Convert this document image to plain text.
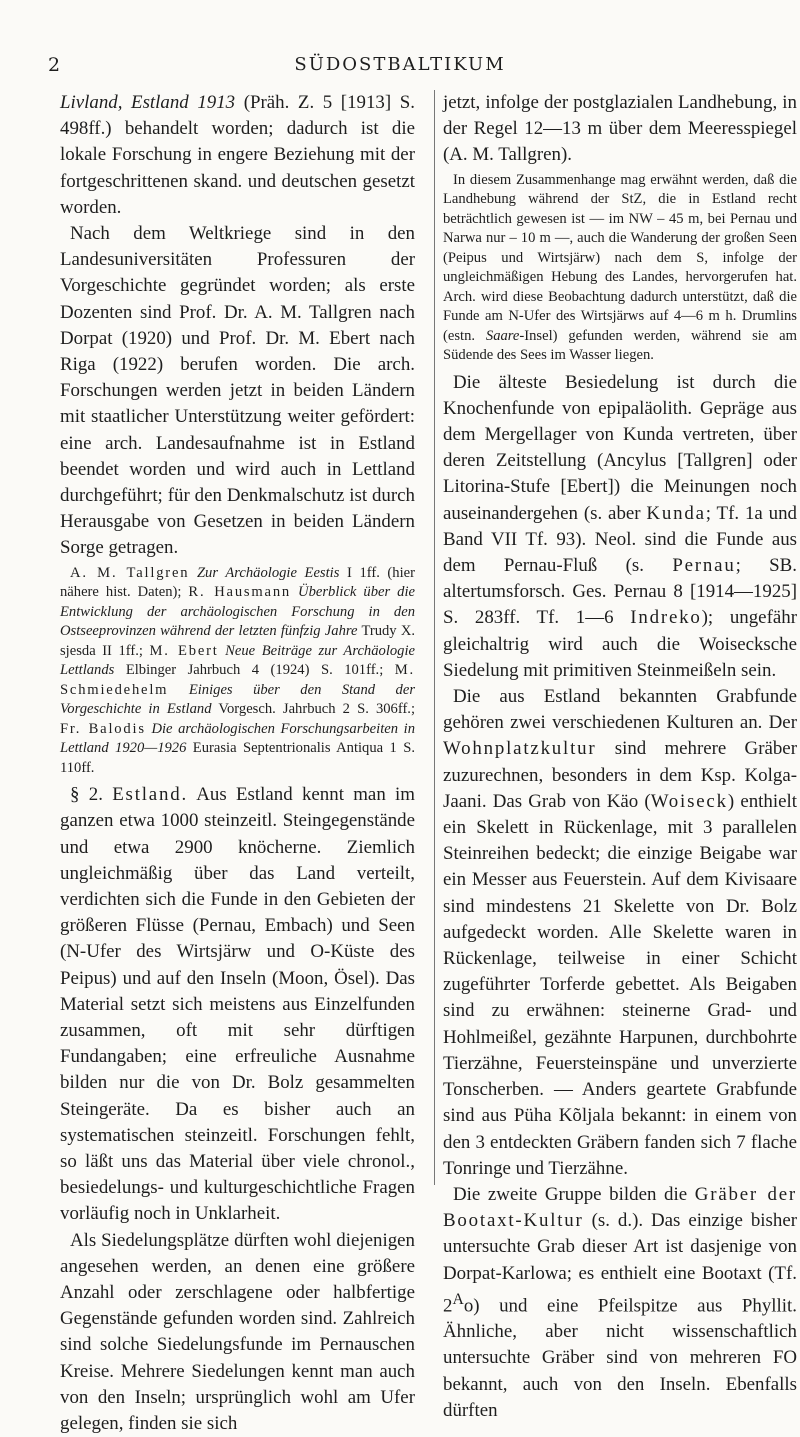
2	SÜDOSTBALTIKUM

Livland, Estland 1913 (Präh. Z. 5 [1913] S. 498ff.) behandelt worden; dadurch ist die lokale Forschung in engere Beziehung mit der fortgeschrittenen skand. und deutschen gesetzt worden.

Nach dem Weltkriege sind in den Landesuniversitäten Professuren der Vorgeschichte gegründet worden; als erste Dozenten sind Prof. Dr. A. M. Tallgren nach Dorpat (1920) und Prof. Dr. M. Ebert nach Riga (1922) berufen worden. Die arch. Forschungen werden jetzt in beiden Ländern mit staatlicher Unterstützung weiter gefördert: eine arch. Landesaufnahme ist in Estland beendet worden und wird auch in Lettland durchgeführt; für den Denkmalschutz ist durch Herausgabe von Gesetzen in beiden Ländern Sorge getragen.

A. M. Tallgren Zur Archäologie Eestis I 1ff. (hier nähere hist. Daten); R. Hausmann Überblick über die Entwicklung der archäologischen Forschung in den Ostseeprovinzen während der letzten fünfzig Jahre Trudy X. sjesda II 1ff.; M. Ebert Neue Beiträge zur Archäologie Lettlands Elbinger Jahrbuch 4 (1924) S. 101ff.; M. Schmiedehelm Einiges über den Stand der Vorgeschichte in Estland Vorgesch. Jahrbuch 2 S. 306ff.; Fr. Balodis Die archäologischen Forschungsarbeiten in Lettland 1920—1926 Eurasia Septentrionalis Antiqua 1 S. 110ff.

§ 2. Estland. Aus Estland kennt man im ganzen etwa 1000 steinzeitl. Steingegenstände und etwa 2900 knöcherne. Ziemlich ungleichmäßig über das Land verteilt, verdichten sich die Funde in den Gebieten der größeren Flüsse (Pernau, Embach) und Seen (N-Ufer des Wirtsjärw und O-Küste des Peipus) und auf den Inseln (Moon, Ösel). Das Material setzt sich meistens aus Einzelfunden zusammen, oft mit sehr dürftigen Fundangaben; eine erfreuliche Ausnahme bilden nur die von Dr. Bolz gesammelten Steingeräte. Da es bisher auch an systematischen steinzeitl. Forschungen fehlt, so läßt uns das Material über viele chronol., besiedelungs- und kulturgeschichtliche Fragen vorläufig noch in Unklarheit.

Als Siedelungsplätze dürften wohl diejenigen angesehen werden, an denen eine größere Anzahl oder zerschlagene oder halbfertige Gegenstände gefunden worden sind. Zahlreich sind solche Siedelungsfunde im Pernauschen Kreise. Mehrere Siedelungen kennt man auch von den Inseln; ursprünglich wohl am Ufer gelegen, finden sie sich

jetzt, infolge der postglazialen Landhebung, in der Regel 12—13 m über dem Meeresspiegel (A. M. Tallgren).

In diesem Zusammenhange mag erwähnt werden, daß die Landhebung während der StZ, die in Estland recht beträchtlich gewesen ist — im NW – 45 m, bei Pernau und Narwa nur – 10 m —, auch die Wanderung der großen Seen (Peipus und Wirtsjärw) nach dem S, infolge der ungleichmäßigen Hebung des Landes, hervorgerufen hat. Arch. wird diese Beobachtung dadurch unterstützt, daß die Funde am N-Ufer des Wirtsjärws auf 4—6 m h. Drumlins (estn. Saare-Insel) gefunden werden, während sie am Südende des Sees im Wasser liegen.

Die älteste Besiedelung ist durch die Knochenfunde von epipaläolith. Gepräge aus dem Mergellager von Kunda vertreten, über deren Zeitstellung (Ancylus [Tallgren] oder Litorina-Stufe [Ebert]) die Meinungen noch auseinandergehen (s. aber Kunda; Tf. 1a und Band VII Tf. 93). Neol. sind die Funde aus dem Pernau-Fluß (s. Pernau; SB. altertumsforsch. Ges. Pernau 8 [1914—1925] S. 283ff. Tf. 1—6 Indreko); ungefähr gleichaltrig wird auch die Woisecksche Siedelung mit primitiven Steinmeißeln sein.

Die aus Estland bekannten Grabfunde gehören zwei verschiedenen Kulturen an. Der Wohnplatzkultur sind mehrere Gräber zuzurechnen, besonders in dem Ksp. Kolga-Jaani. Das Grab von Käo (Woiseck) enthielt ein Skelett in Rückenlage, mit 3 parallelen Steinreihen bedeckt; die einzige Beigabe war ein Messer aus Feuerstein. Auf dem Kivisaare sind mindestens 21 Skelette von Dr. Bolz aufgedeckt worden. Alle Skelette waren in Rückenlage, teilweise in einer Schicht zugeführter Torferde gebettet. Als Beigaben sind zu erwähnen: steinerne Grad- und Hohlmeißel, gezähnte Harpunen, durchbohrte Tierzähne, Feuersteinspäne und unverzierte Tonscherben. — Anders geartete Grabfunde sind aus Püha Kõljala bekannt: in einem von den 3 entdeckten Gräbern fanden sich 7 flache Tonringe und Tierzähne.

Die zweite Gruppe bilden die Gräber der Bootaxt-Kultur (s. d.). Das einzige bisher untersuchte Grab dieser Art ist dasjenige von Dorpat-Karlowa; es enthielt eine Bootaxt (Tf. $2^Ao$) und eine Pfeilspitze aus Phyllit. Ähnliche, aber nicht wissenschaftlich untersuchte Gräber sind von mehreren FO bekannt, auch von den Inseln. Ebenfalls dürften
